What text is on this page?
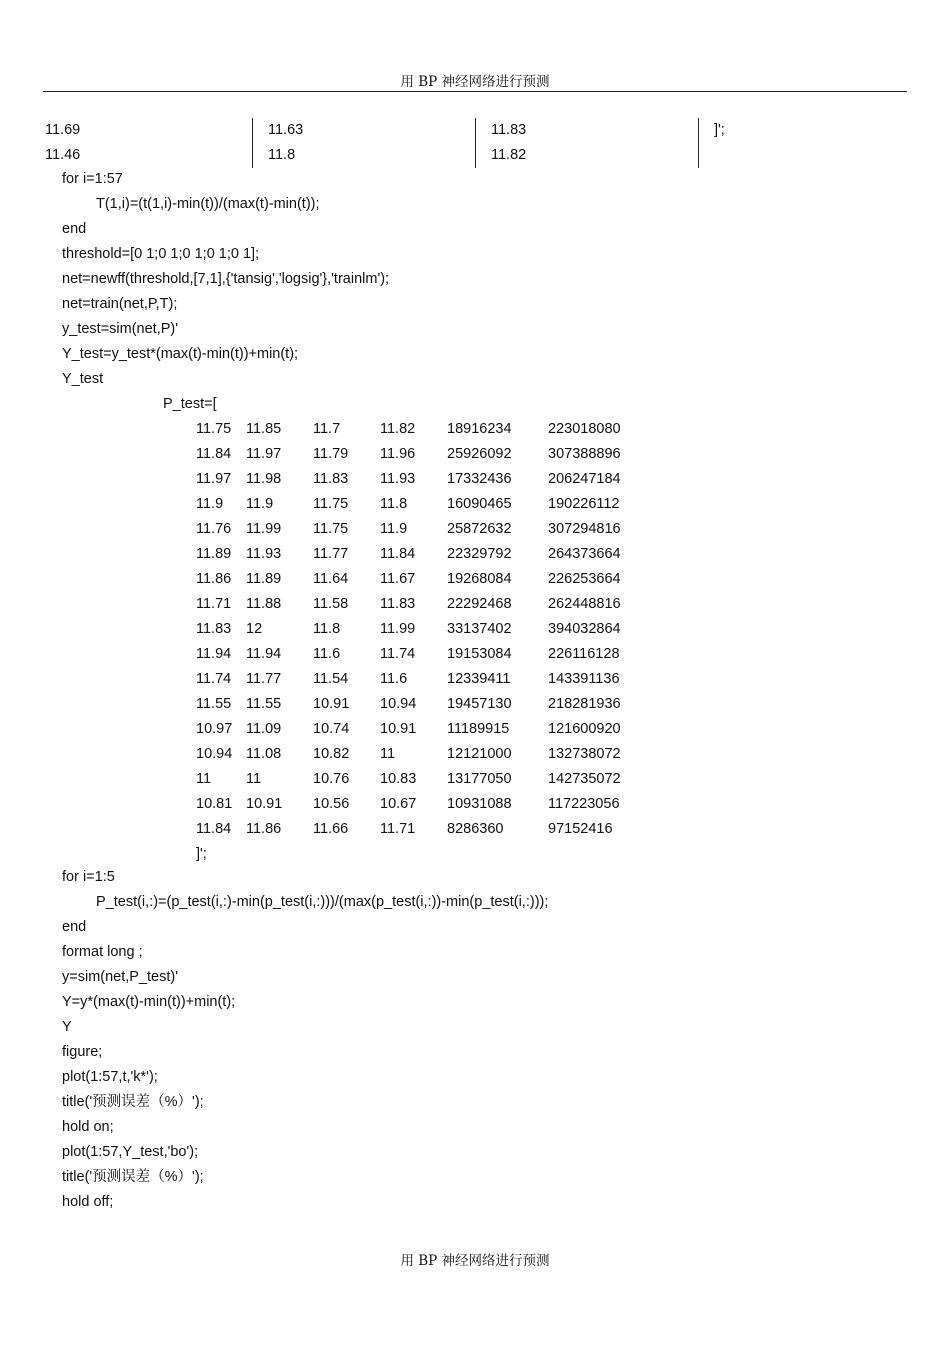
用 BP 神经网络进行预测
11.69	11.63	11.83	]';
11.46	11.8	11.82
for i=1:57
T(1,i)=(t(1,i)-min(t))/(max(t)-min(t));
end
threshold=[0 1;0 1;0 1;0 1;0 1];
net=newff(threshold,[7,1],{'tansig','logsig'},'trainlm');
net=train(net,P,T);
y_test=sim(net,P)'
Y_test=y_test*(max(t)-min(t))+min(t);
Y_test
P_test=[
11.75 11.85 11.7	11.82 18916234	223018080
11.84 11.97 11.79 11.96 25926092	307388896
11.97 11.98 11.83 11.93 17332436	206247184
11.9 11.9	11.75 11.8	16090465	190226112
11.76 11.99 11.75 11.9	25872632	307294816
11.89 11.93 11.77 11.84 22329792	264373664
11.86 11.89 11.64 11.67 19268084	226253664
11.71 11.88 11.58 11.83 22292468	262448816
11.83 12	11.8	11.99 33137402	394032864
11.94 11.94 11.6	11.74 19153084	226116128
11.74 11.77 11.54 11.6	12339411	143391136
11.55 11.55 10.91 10.94 19457130	218281936
10.97 11.09 10.74 10.91 11189915	121600920
10.94 11.08 10.82 11	12121000	132738072
11 11	10.76 10.83 13177050	142735072
10.81 10.91 10.56 10.67 10931088	117223056
11.84 11.86 11.66 11.71 8286360	97152416
]';
for i=1:5
P_test(i,:)=(p_test(i,:)-min(p_test(i,:)))/(max(p_test(i,:))-min(p_test(i,:)));
end
format long ;
y=sim(net,P_test)'
Y=y*(max(t)-min(t))+min(t);
Y
figure;
plot(1:57,t,'k*');
title('预测误差（%）');
hold on;
plot(1:57,Y_test,'bo');
title('预测误差（%）');
hold off;
用 BP 神经网络进行预测
